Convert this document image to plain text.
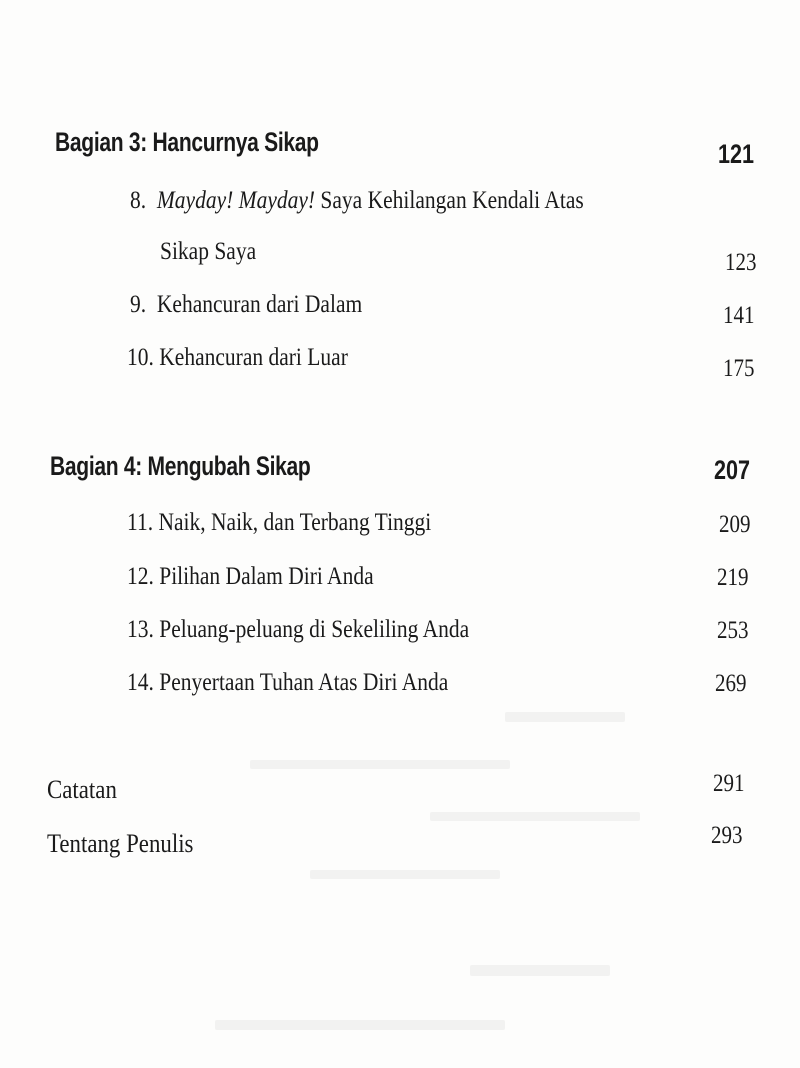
Bagian 3: Hancurnya Sikap	121
8. Mayday! Mayday! Saya Kehilangan Kendali Atas
Sikap Saya	123
9. Kehancuran dari Dalam	141
10. Kehancuran dari Luar	175
Bagian 4: Mengubah Sikap	207
11. Naik, Naik, dan Terbang Tinggi	209
12. Pilihan Dalam Diri Anda	219
13. Peluang-peluang di Sekeliling Anda	253
14. Penyertaan Tuhan Atas Diri Anda	269
Catatan	291
Tentang Penulis	293
